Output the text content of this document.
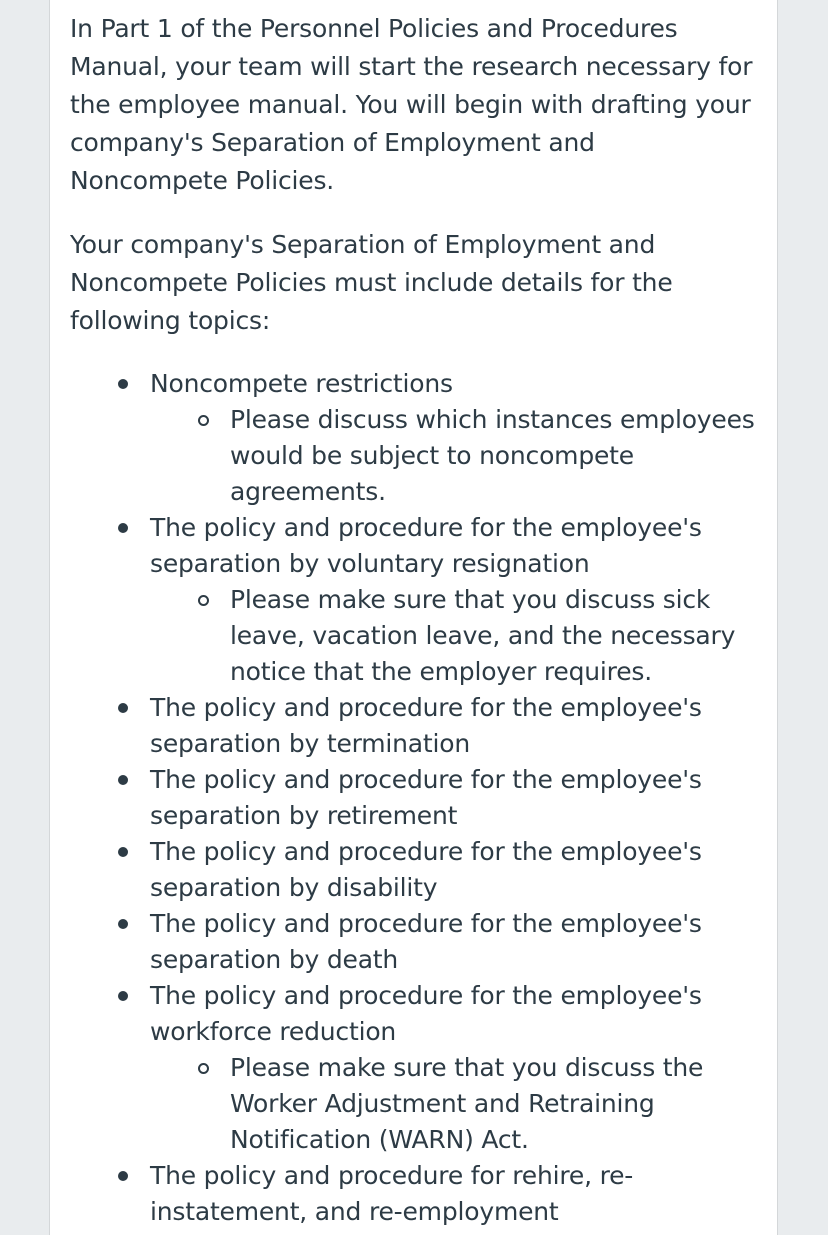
In Part 1 of the Personnel Policies and Procedures Manual, your team will start the research necessary for the employee manual. You will begin with drafting your company's Separation of Employment and Noncompete Policies.

Your company's Separation of Employment and Noncompete Policies must include details for the following topics:

Noncompete restrictions
Please discuss which instances employees would be subject to noncompete agreements.
The policy and procedure for the employee's separation by voluntary resignation
Please make sure that you discuss sick leave, vacation leave, and the necessary notice that the employer requires.
The policy and procedure for the employee's separation by termination
The policy and procedure for the employee's separation by retirement
The policy and procedure for the employee's separation by disability
The policy and procedure for the employee's separation by death
The policy and procedure for the employee's workforce reduction
Please make sure that you discuss the Worker Adjustment and Retraining Notification (WARN) Act.
The policy and procedure for rehire, re-instatement, and re-employment
